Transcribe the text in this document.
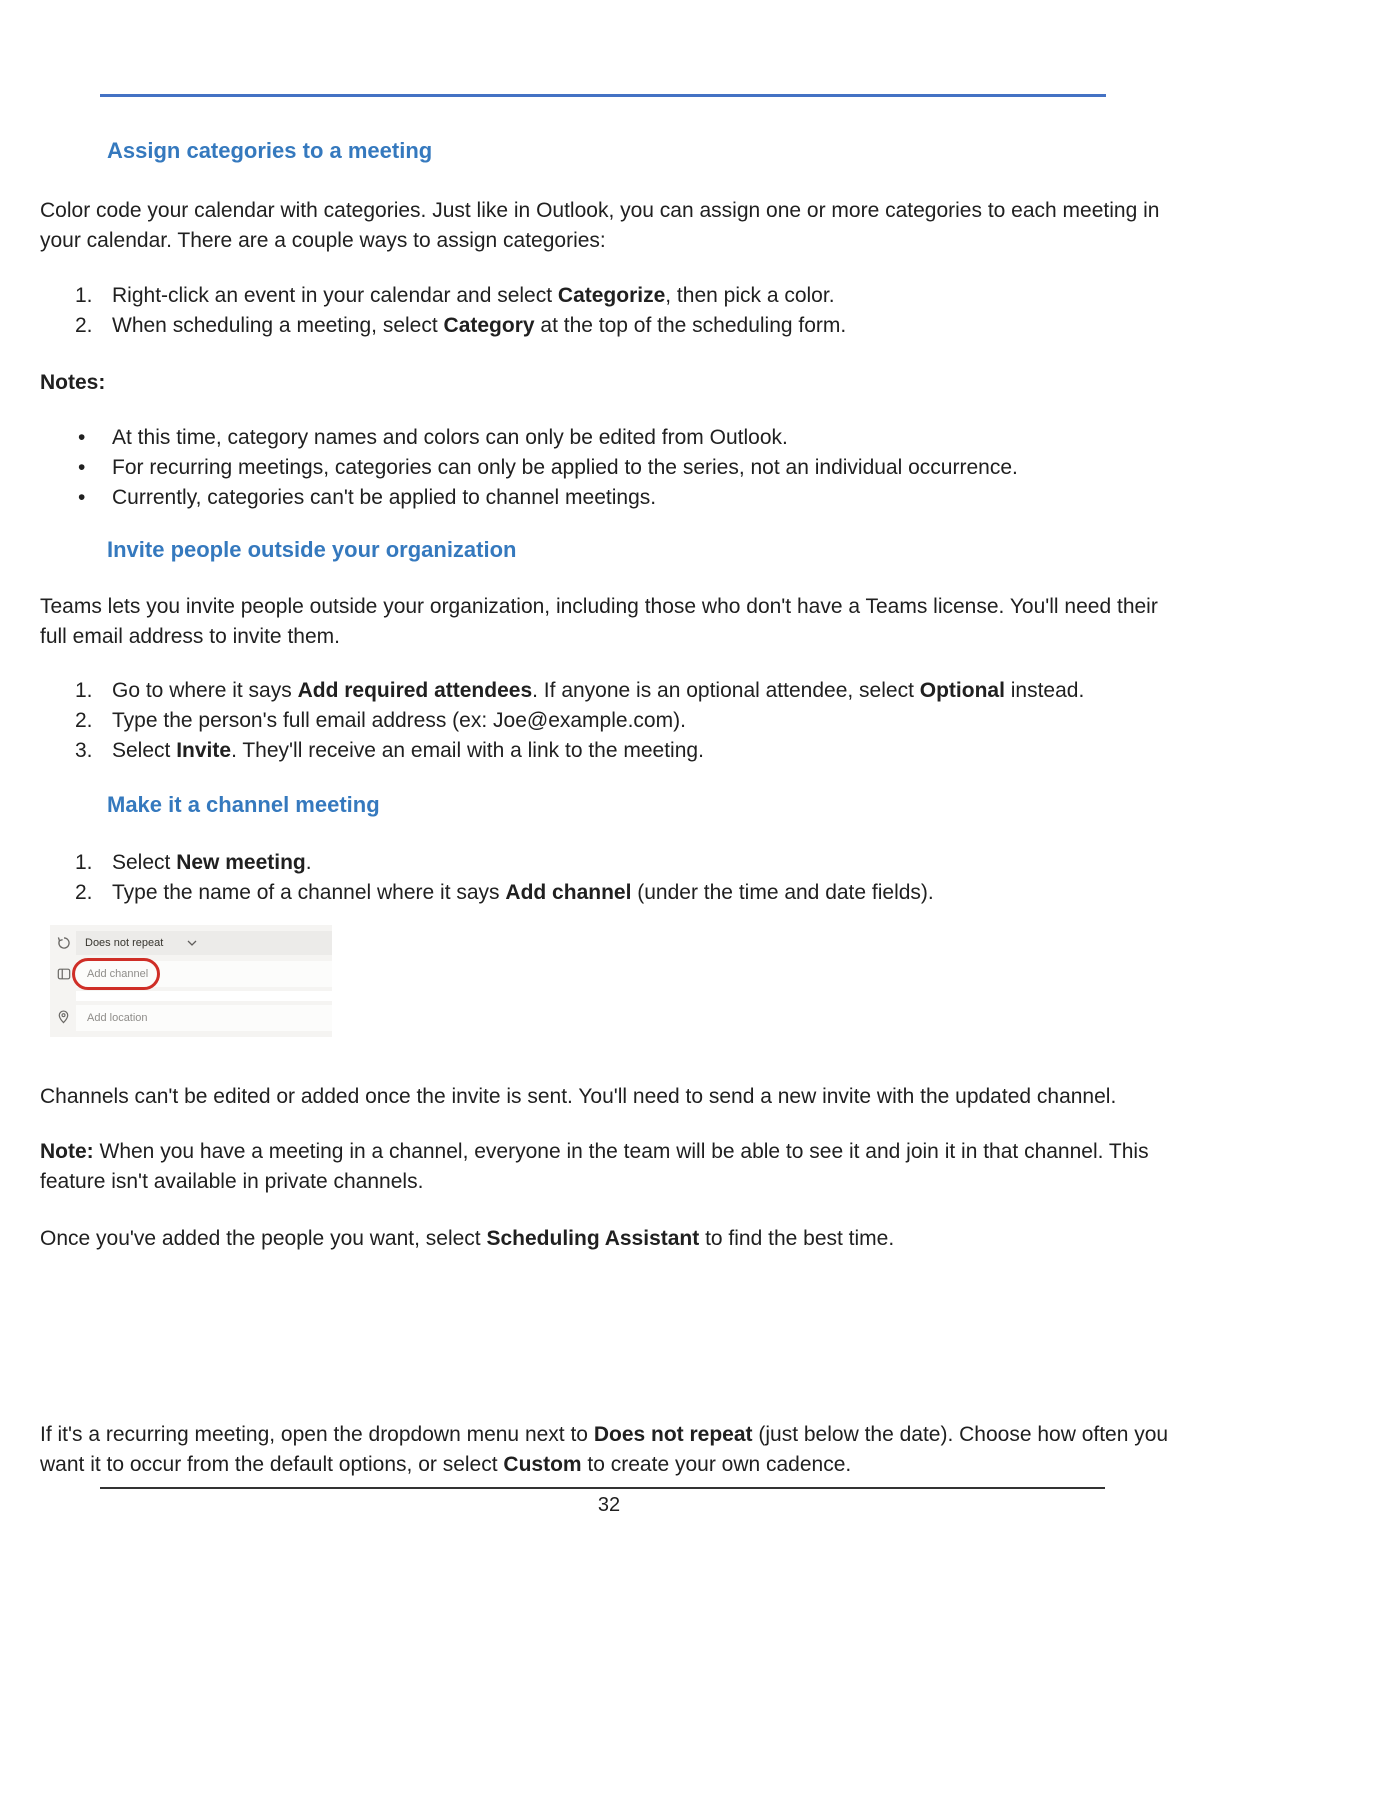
Assign categories to a meeting

Color code your calendar with categories. Just like in Outlook, you can assign one or more categories to each meeting in your calendar. There are a couple ways to assign categories:

1. Right-click an event in your calendar and select Categorize, then pick a color.
2. When scheduling a meeting, select Category at the top of the scheduling form.

Notes:

•	At this time, category names and colors can only be edited from Outlook.
•	For recurring meetings, categories can only be applied to the series, not an individual occurrence.
•	Currently, categories can't be applied to channel meetings.
Invite people outside your organization

Teams lets you invite people outside your organization, including those who don't have a Teams license. You'll need their full email address to invite them.

1. Go to where it says Add required attendees. If anyone is an optional attendee, select Optional instead.
2. Type the person's full email address (ex: Joe@example.com).
3. Select Invite. They'll receive an email with a link to the meeting.
Make it a channel meeting
1. Select New meeting.
2. Type the name of a channel where it says Add channel (under the time and date fields).
Does not repeat
Add channel
Add location

Channels can't be edited or added once the invite is sent. You'll need to send a new invite with the updated channel.

Note: When you have a meeting in a channel, everyone in the team will be able to see it and join it in that channel. This feature isn't available in private channels.

Once you've added the people you want, select Scheduling Assistant to find the best time.

If it's a recurring meeting, open the dropdown menu next to Does not repeat (just below the date). Choose how often you want it to occur from the default options, or select Custom to create your own cadence.

32
